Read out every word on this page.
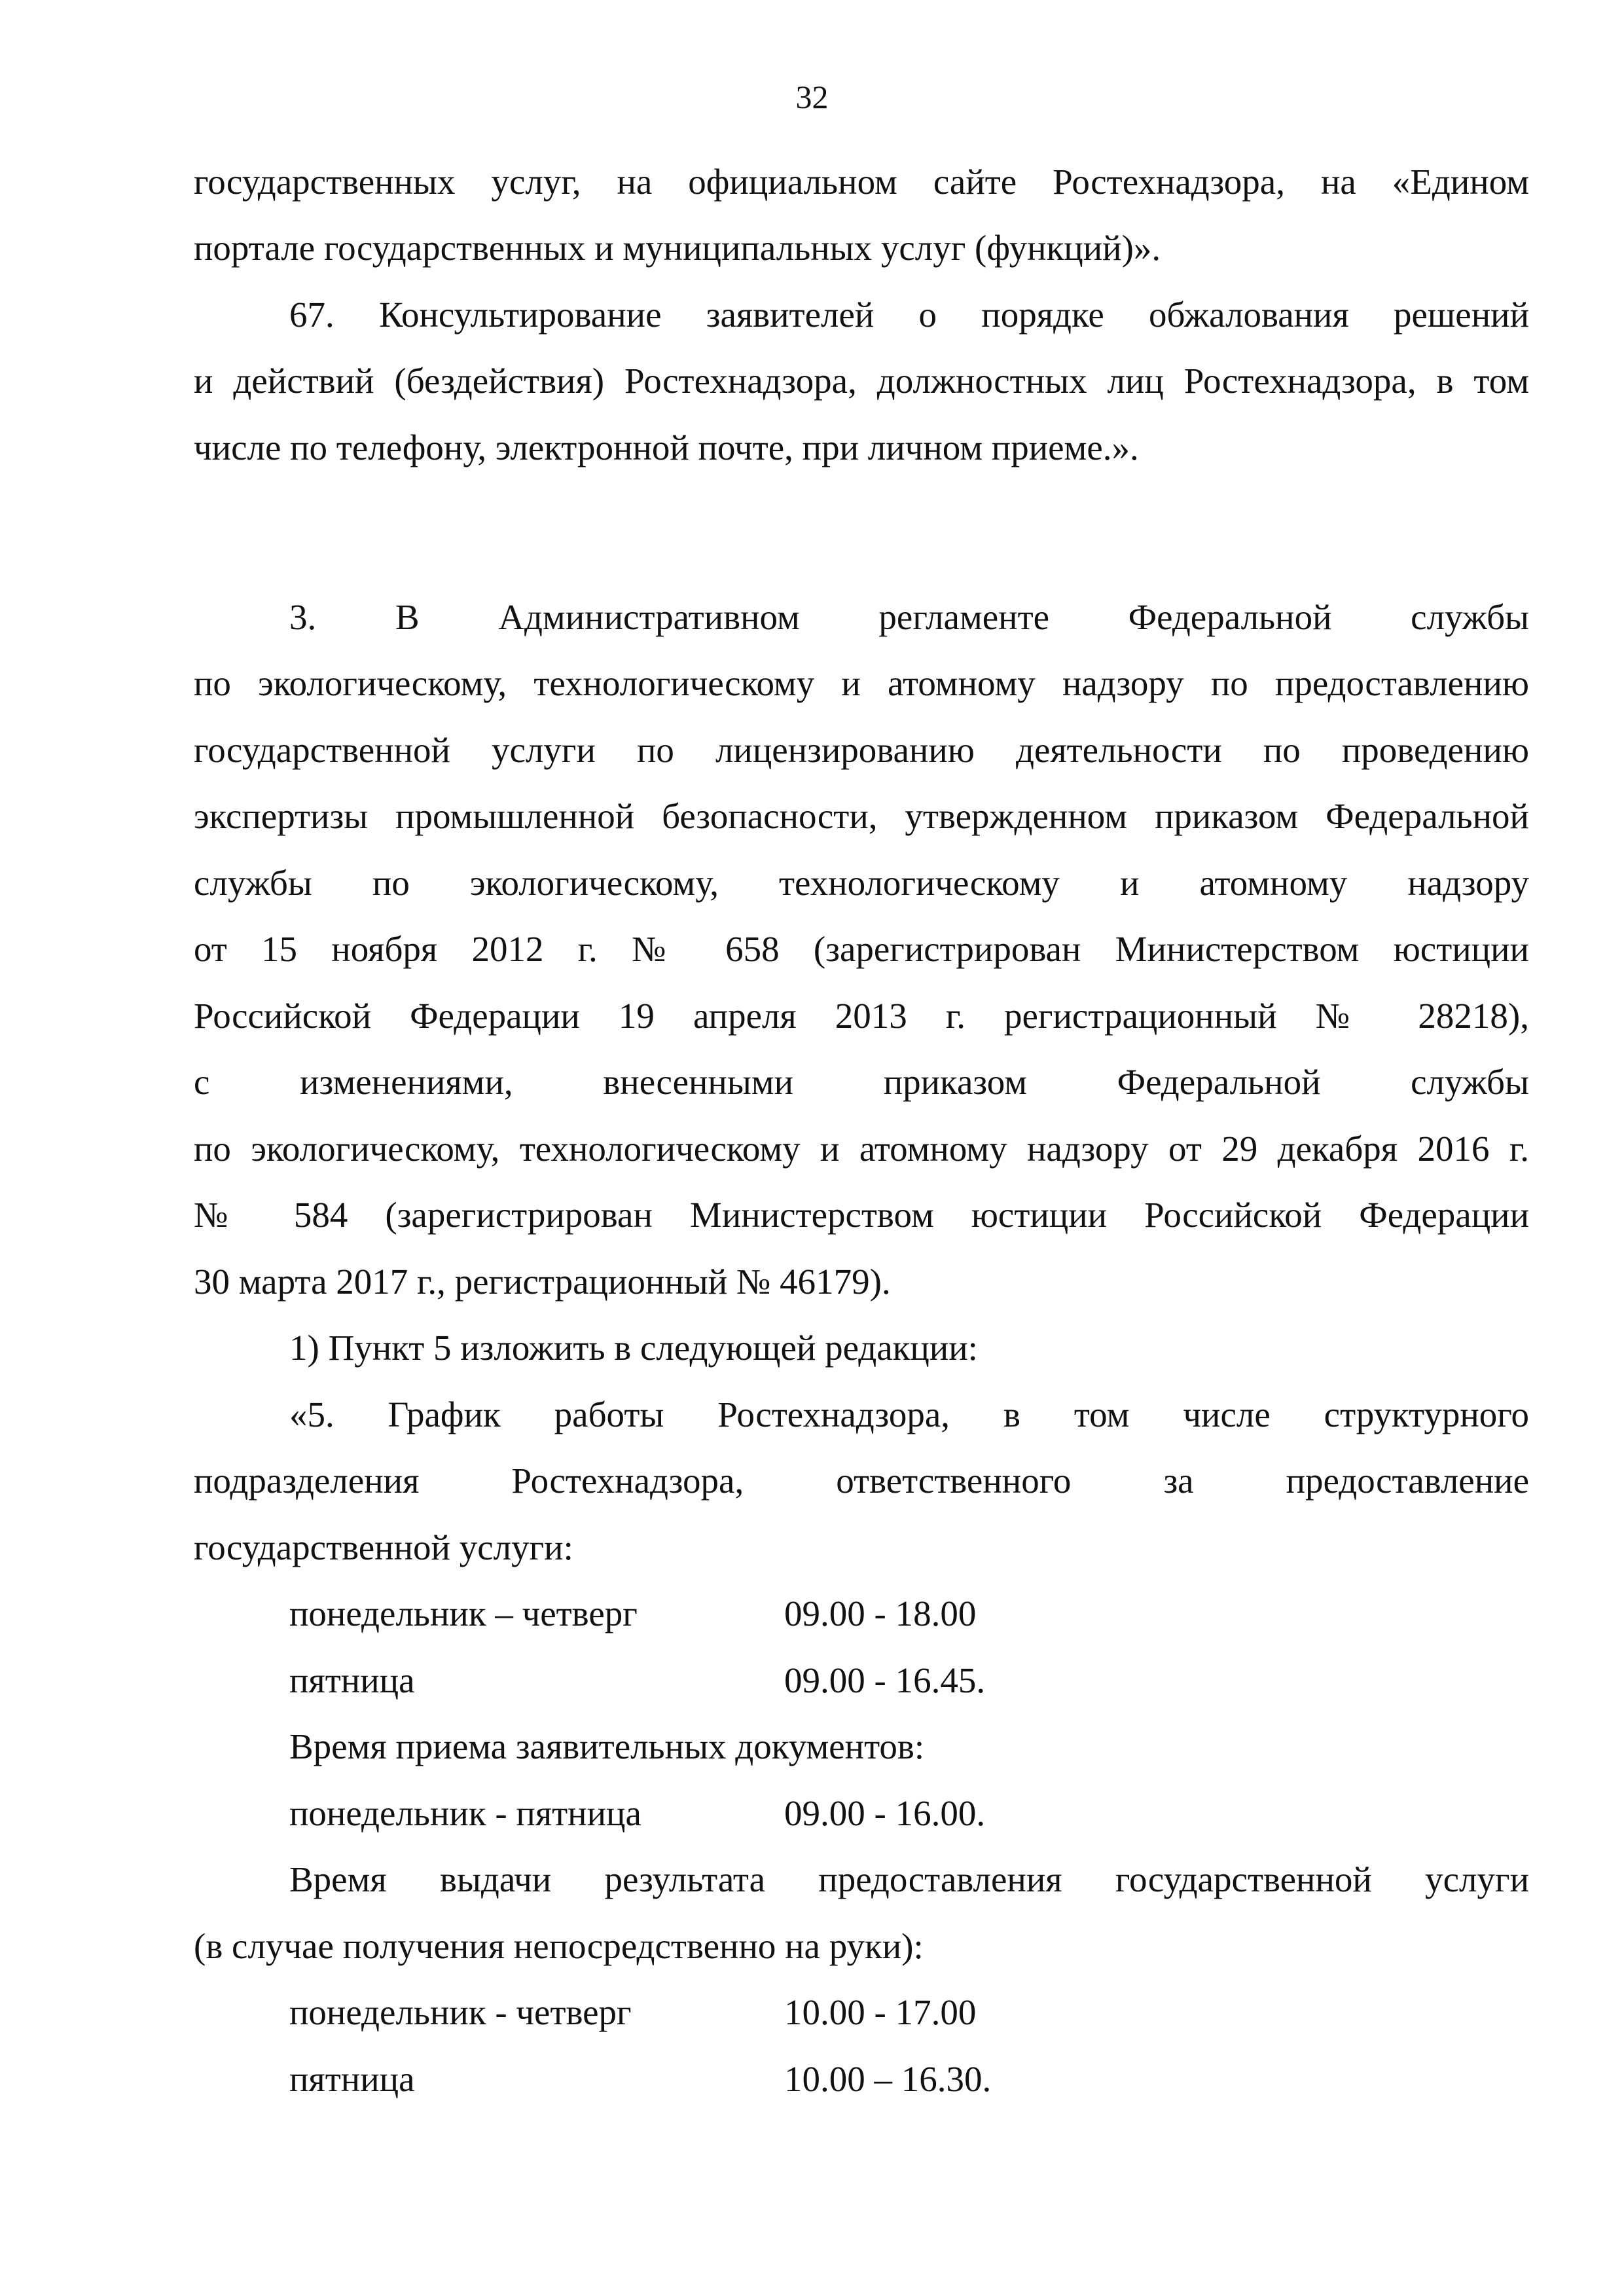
32
государственных услуг, на официальном сайте Ростехнадзора, на «Едином
портале государственных и муниципальных услуг (функций)».
67. Консультирование заявителей о порядке обжалования решений
и действий (бездействия) Ростехнадзора, должностных лиц Ростехнадзора, в том
числе по телефону, электронной почте, при личном приеме.».
3. В Административном регламенте Федеральной службы
по экологическому, технологическому и атомному надзору по предоставлению
государственной услуги по лицензированию деятельности по проведению
экспертизы промышленной безопасности, утвержденном приказом Федеральной
службы по экологическому, технологическому и атомному надзору
от 15 ноября 2012 г. № 658 (зарегистрирован Министерством юстиции
Российской Федерации 19 апреля 2013 г. регистрационный № 28218),
с изменениями, внесенными приказом Федеральной службы
по экологическому, технологическому и атомному надзору от 29 декабря 2016 г.
№ 584 (зарегистрирован Министерством юстиции Российской Федерации
30 марта 2017 г., регистрационный № 46179).
1) Пункт 5 изложить в следующей редакции:
«5. График работы Ростехнадзора, в том числе структурного
подразделения Ростехнадзора, ответственного за предоставление
государственной услуги:
понедельник – четверг	09.00 - 18.00
пятница	09.00 - 16.45.
Время приема заявительных документов:
понедельник - пятница	09.00 - 16.00.
Время выдачи результата предоставления государственной услуги
(в случае получения непосредственно на руки):
понедельник - четверг	10.00 - 17.00
пятница	10.00 – 16.30.
